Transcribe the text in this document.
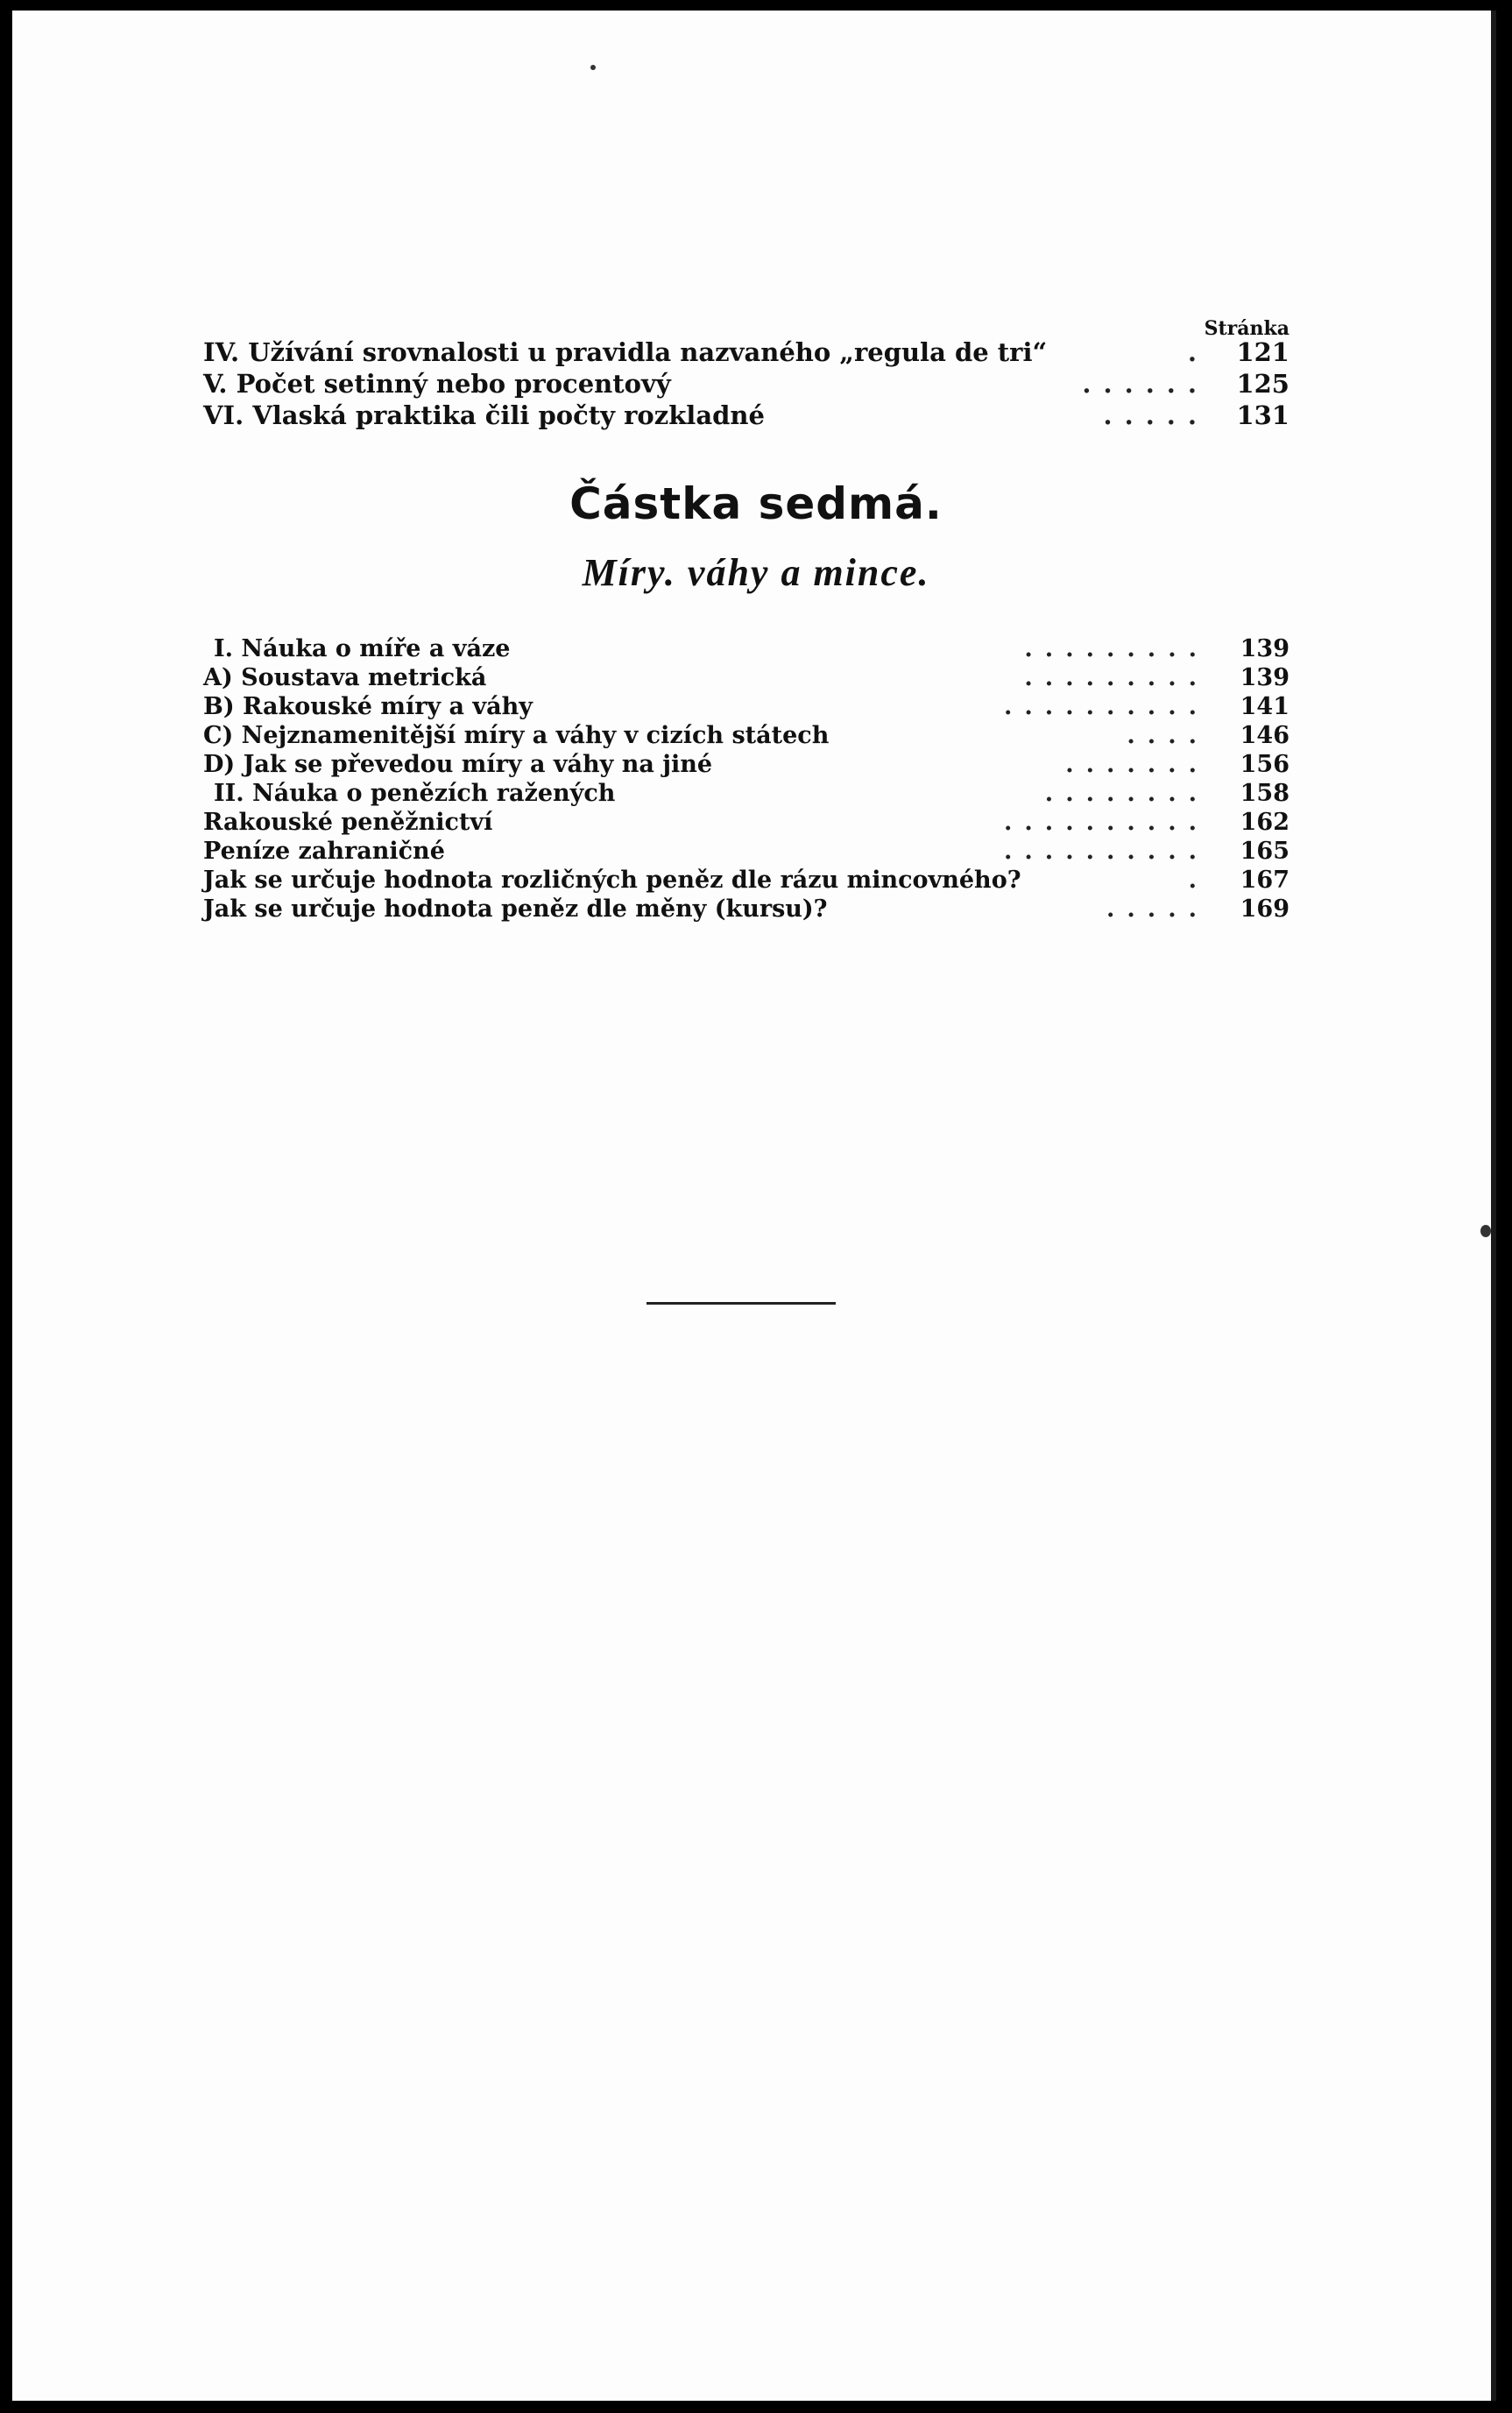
Stránka
IV. Užívání srovnalosti u pravidla nazvaného „regula de tri“	.	121
V. Počet setinný nebo procentový	......	125
VI. Vlaská praktika čili počty rozkladné	.....	131
Částka sedmá.
Míry. váhy a mince.
I. Náuka o míře a váze	.........	139
A) Soustava metrická	.........	139
B) Rakouské míry a váhy	..........	141
C) Nejznamenitější míry a váhy v cizích státech	....	146
D) Jak se převedou míry a váhy na jiné	.......	156
II. Náuka o penězích ražených	........	158
Rakouské peněžnictví	..........	162
Peníze zahraničné	..........	165
Jak se určuje hodnota rozličných peněz dle rázu mincovného?	.	167
Jak se určuje hodnota peněz dle měny (kursu)?	.....	169
